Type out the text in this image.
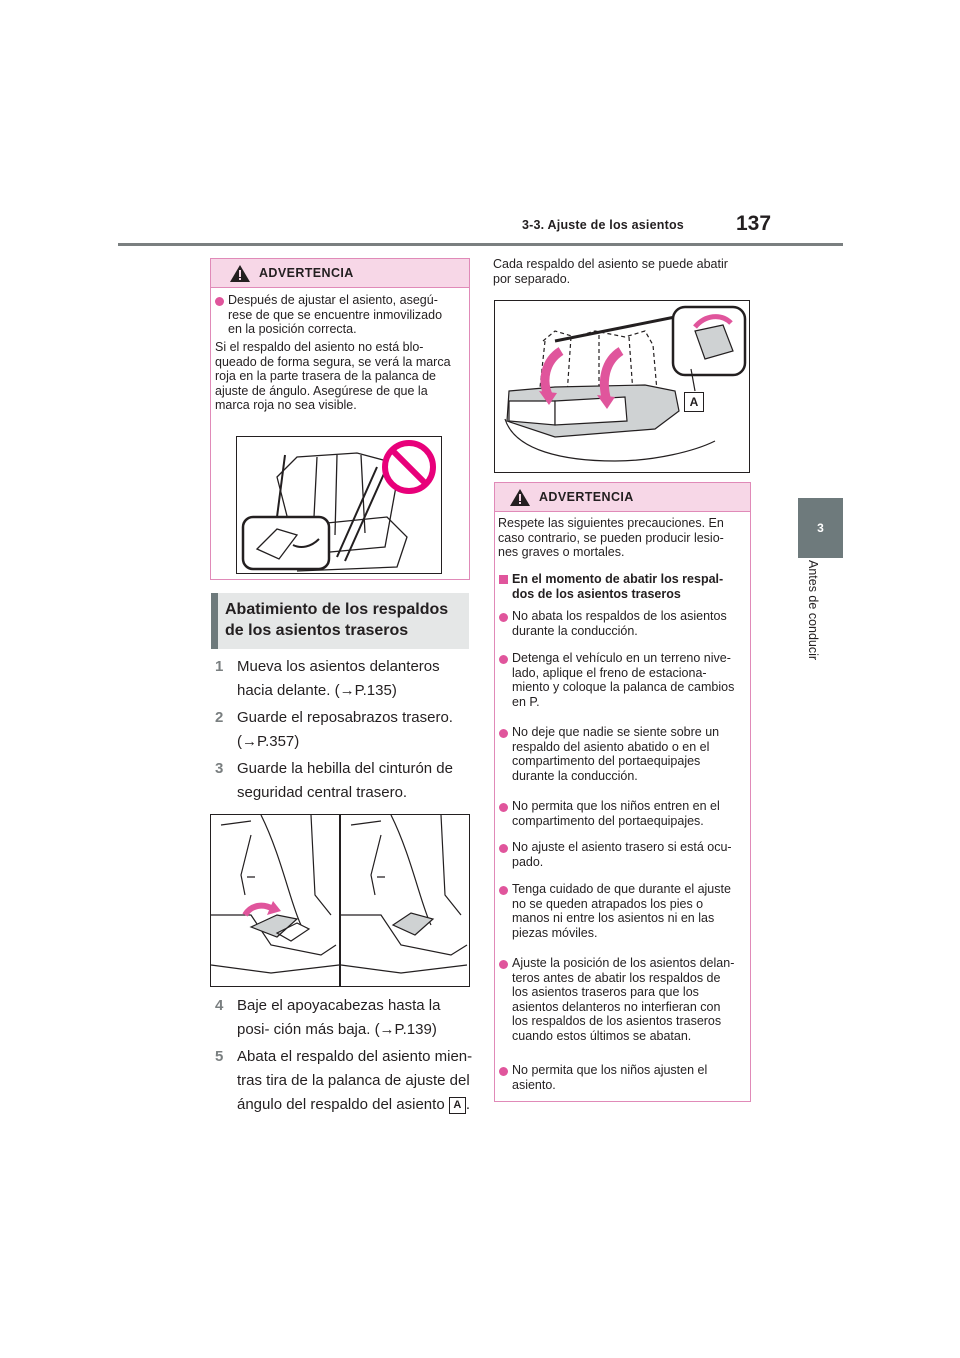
3-3. Ajuste de los asientos 137
3
Antes de conducir
ADVERTENCIA
Después de ajustar el asiento, asegú-
rese de que se encuentre inmovilizado
en la posición correcta.
Si el respaldo del asiento no está blo-
queado de forma segura, se verá la marca
roja en la parte trasera de la palanca de
ajuste de ángulo. Asegúrese de que la
marca roja no sea visible.
Abatimiento de los respaldos de los asientos traseros
1 Mueva los asientos delanteros hacia delante. (→P.135)
2 Guarde el reposabrazos trasero. (→P.357)
3 Guarde la hebilla del cinturón de seguridad central trasero.
4 Baje el apoyacabezas hasta la posi- ción más baja. (→P.139)
5 Abata el respaldo del asiento mien- tras tira de la palanca de ajuste del ángulo del respaldo del asiento A .
Cada respaldo del asiento se puede abatir
por separado.
A
ADVERTENCIA
Respete las siguientes precauciones. En
caso contrario, se pueden producir lesio-
nes graves o mortales.
En el momento de abatir los respal-
dos de los asientos traseros
No abata los respaldos de los asientos
durante la conducción.
Detenga el vehículo en un terreno nive-
lado, aplique el freno de estaciona-
miento y coloque la palanca de cambios
en P.
No deje que nadie se siente sobre un
respaldo del asiento abatido o en el
compartimento del portaequipajes
durante la conducción.
No permita que los niños entren en el
compartimento del portaequipajes.
No ajuste el asiento trasero si está ocu-
pado.
Tenga cuidado de que durante el ajuste
no se queden atrapados los pies o
manos ni entre los asientos ni en las
piezas móviles.
Ajuste la posición de los asientos delan-
teros antes de abatir los respaldos de
los asientos traseros para que los
asientos delanteros no interfieran con
los respaldos de los asientos traseros
cuando estos últimos se abatan.
No permita que los niños ajusten el
asiento.
